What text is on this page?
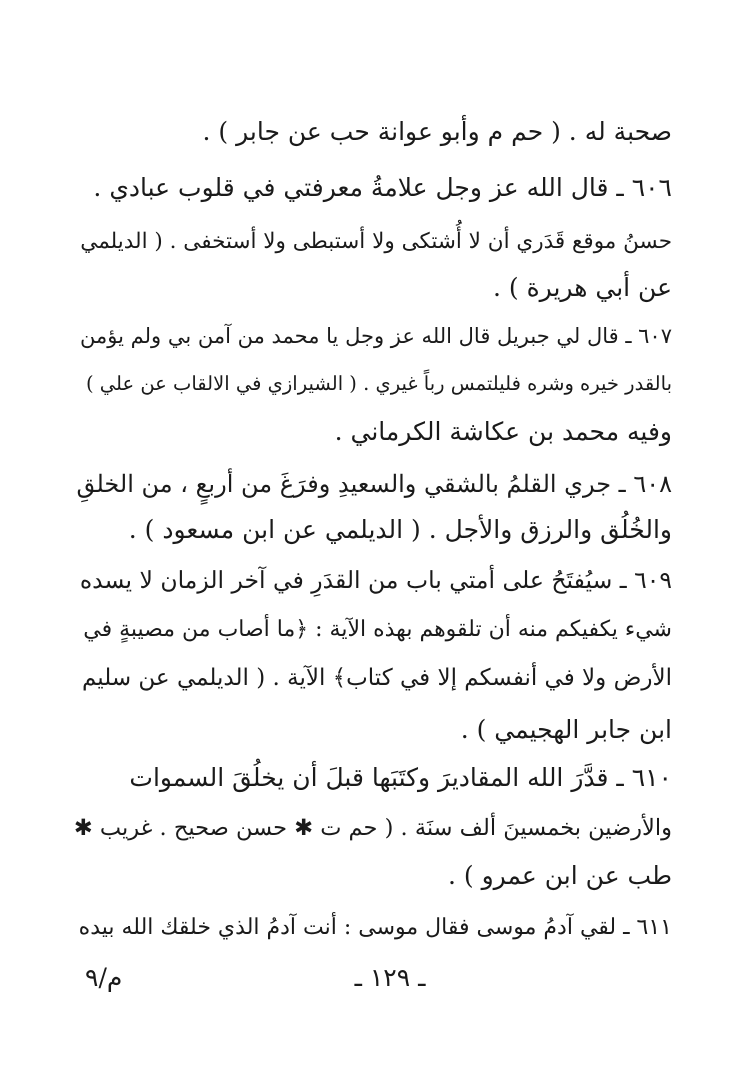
صحبة له . ( حم م وأبو عوانة حب عن جابر ) .
٦٠٦ ـ قال الله عز وجل علامةُ معرفتي في قلوب عبادي .
حسنُ موقع قَدَري أن لا أُشتكى ولا أستبطى ولا أستخفى . ( الديلمي
عن أبي هريرة ) .
٦٠٧ ـ قال لي جبريل قال الله عز وجل يا محمد من آمن بي ولم يؤمن
بالقدر خيره وشره فليلتمس رباً غيري . ( الشيرازي في الالقاب عن علي )
وفيه محمد بن عكاشة الكرماني .
٦٠٨ ـ جري القلمُ بالشقي والسعيدِ وفرَغَ من أربعٍ ، من الخلقِ
والخُلُق والرزق والأجل . ( الديلمي عن ابن مسعود ) .
٦٠٩ ـ سيُفتَحُ على أمتي باب من القدَرِ في آخر الزمان لا يسده
شيء يكفيكم منه أن تلقوهم بهذه الآية : ﴿ما أصاب من مصيبةٍ في
الأرض ولا في أنفسكم إلا في كتاب﴾ الآية . ( الديلمي عن سليم
ابن جابر الهجيمي ) .
٦١٠ ـ قدَّرَ الله المقاديرَ وكتَبَها قبلَ أن يخلُقَ السموات
والأرضين بخمسينَ ألف سنَة . ( حم ت ✱ حسن صحيح . غريب ✱
طب عن ابن عمرو ) .
٦١١ ـ لقي آدمُ موسى فقال موسى : أنت آدمُ الذي خلقك الله بيده
ـ ١٢٩ ـ
م/٩
